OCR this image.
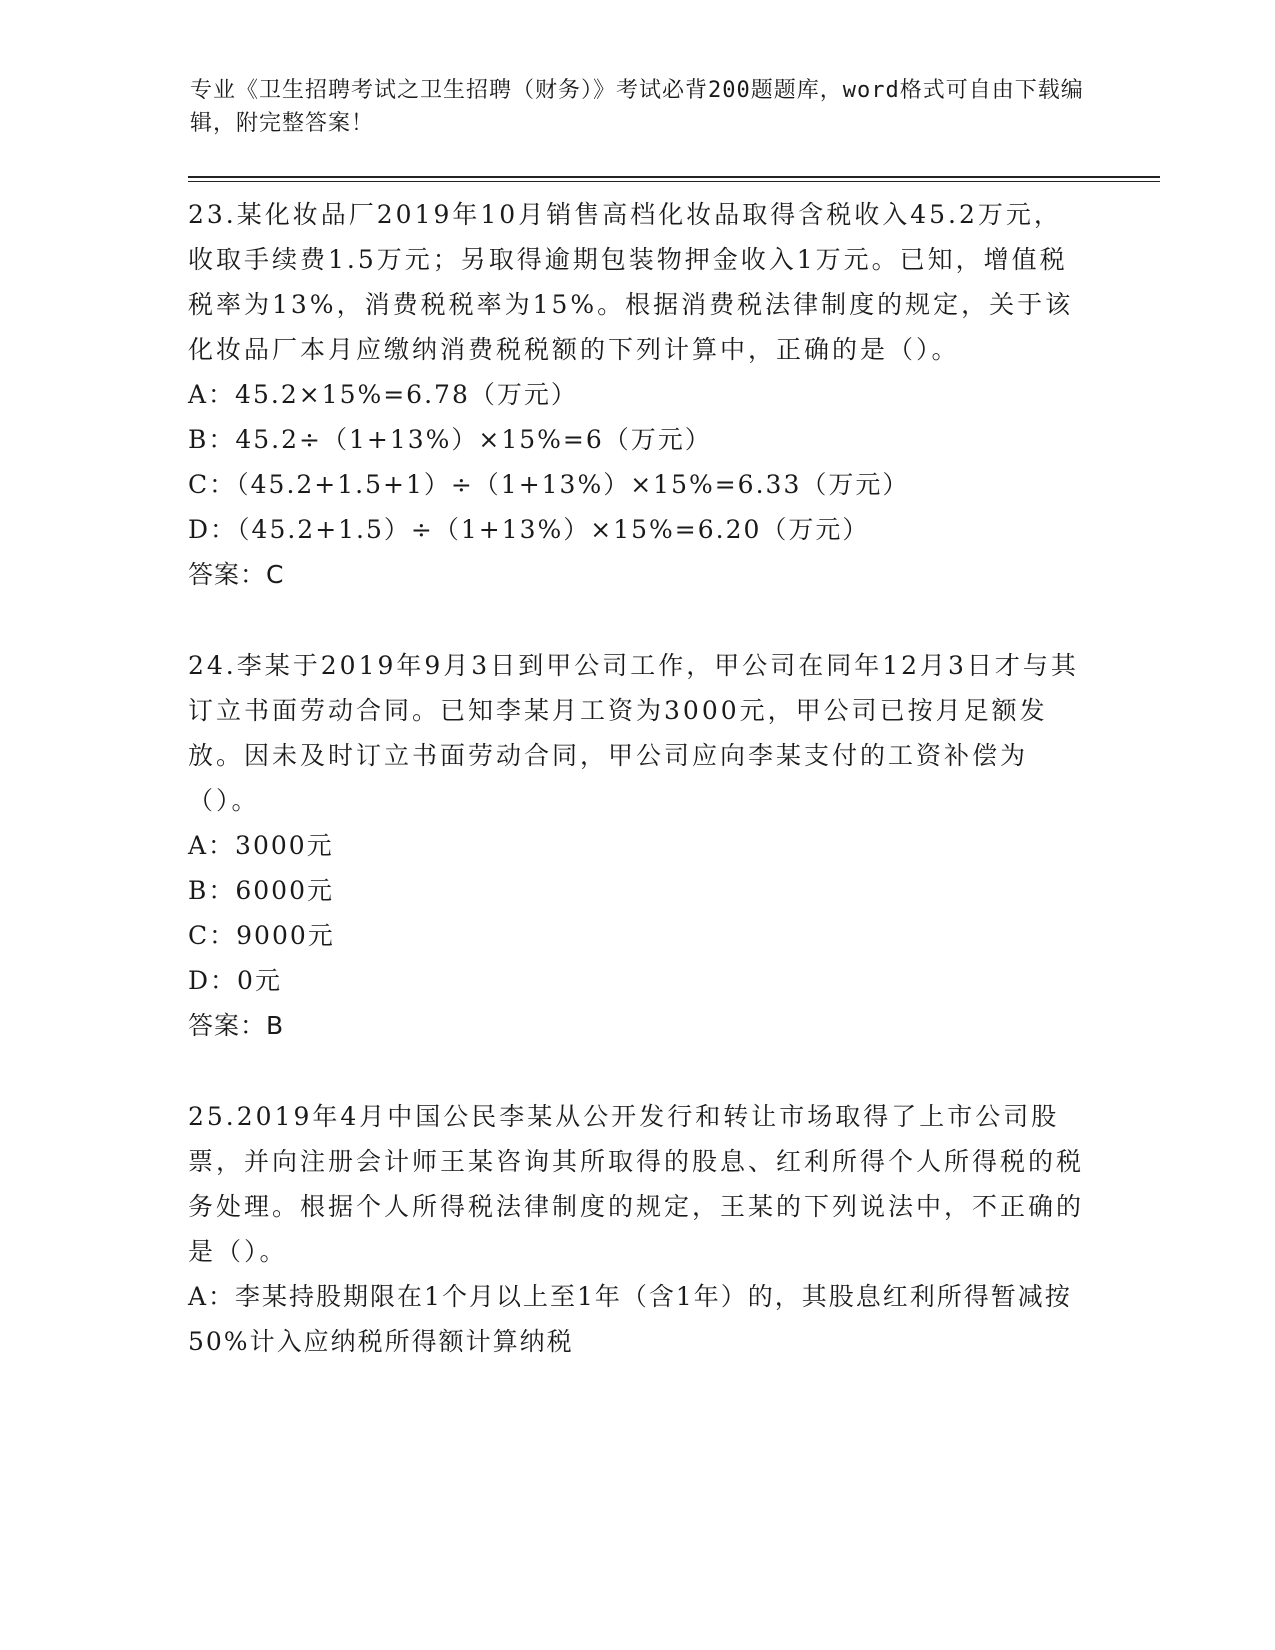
专业《卫生招聘考试之卫生招聘（财务）》考试必背200题题库，word格式可自由下载编辑，附完整答案！

23.某化妆品厂2019年10月销售高档化妆品取得含税收入45.2万元，收取手续费1.5万元；另取得逾期包装物押金收入1万元。已知，增值税税率为13%，消费税税率为15%。根据消费税法律制度的规定，关于该化妆品厂本月应缴纳消费税税额的下列计算中，正确的是（）。

A：45.2×15%=6.78（万元）

B：45.2÷（1+13%）×15%=6（万元）

C：（45.2+1.5+1）÷（1+13%）×15%=6.33（万元）

D：（45.2+1.5）÷（1+13%）×15%=6.20（万元）

答案：C

24.李某于2019年9月3日到甲公司工作，甲公司在同年12月3日才与其订立书面劳动合同。已知李某月工资为3000元，甲公司已按月足额发放。因未及时订立书面劳动合同，甲公司应向李某支付的工资补偿为（）。

A：3000元

B：6000元

C：9000元

D：0元

答案：B

25.2019年4月中国公民李某从公开发行和转让市场取得了上市公司股票，并向注册会计师王某咨询其所取得的股息、红利所得个人所得税的税务处理。根据个人所得税法律制度的规定，王某的下列说法中，不正确的是（）。

A：李某持股期限在1个月以上至1年（含1年）的，其股息红利所得暂减按50%计入应纳税所得额计算纳税
